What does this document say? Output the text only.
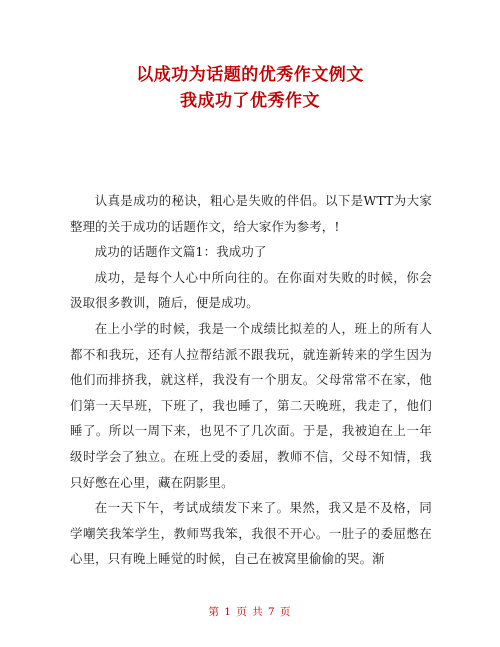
以成功为话题的优秀作文例文
我成功了优秀作文

认真是成功的秘诀，粗心是失败的伴侣。以下是WTT为大家整理的关于成功的话题作文，给大家作为参考，!

成功的话题作文篇1：我成功了

成功，是每个人心中所向往的。在你面对失败的时候，你会汲取很多教训，随后，便是成功。

在上小学的时候，我是一个成绩比拟差的人，班上的所有人都不和我玩，还有人拉帮结派不跟我玩，就连新转来的学生因为他们而排挤我，就这样，我没有一个朋友。父母常常不在家，他们第一天早班，下班了，我也睡了，第二天晚班，我走了，他们睡了。所以一周下来，也见不了几次面。于是，我被迫在上一年级时学会了独立。在班上受的委屈，教师不信，父母不知情，我只好憋在心里，藏在阴影里。

在一天下午，考试成绩发下来了。果然，我又是不及格，同学嘲笑我笨学生，教师骂我笨，我很不开心。一肚子的委屈憋在心里，只有晚上睡觉的时候，自己在被窝里偷偷的哭。渐

第 1 页 共 7 页
